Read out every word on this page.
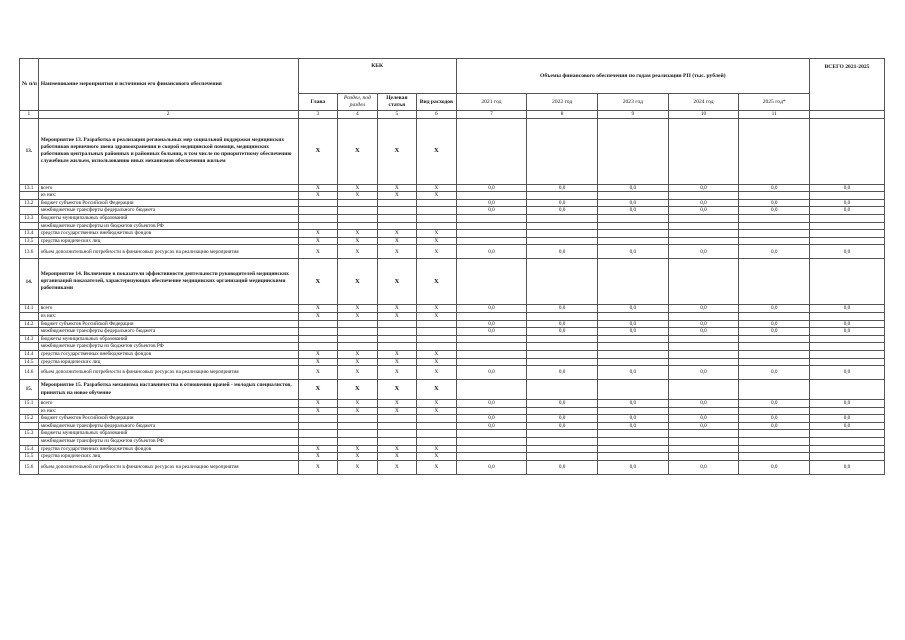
№ п/п	Наименование мероприятия и источники его финансового обеспечения	КБК				Объемы финансового обеспечения по годам реализации РП (тыс. рублей)					ВСЕГО 2021-2025
		Глава	Раздел, под раздел	Целевая статья	Вид расходов	2021 год	2022 год	2023 год	2024 год	2025 год*	
1	2	3	4	5	6	7	8	9	10	11	
13.	Мероприятие 13. Разработка и реализация региональных мер социальной поддержки медицинских работников первичного звена здравоохранения и скорой медицинской помощи, медицинских работников центральных районных и районных больниц, в том числе по приоритетному обеспечению служебным жильем, использованию иных механизмов обеспечения жильем	X	X	X	X						
13.1	всего	X	X	X	X	0,0	0,0	0,0	0,0	0,0	0,0
	из них:	X	X	X	X						
13.2	бюджет субъектов Российской Федерации					0,0	0,0	0,0	0,0	0,0	0,0
	межбюджетные трансферты федерального бюджета					0,0	0,0	0,0	0,0	0,0	0,0
13.3	бюджеты муниципальных образований										
	межбюджетные трансферты из бюджетов субъектов РФ										
13.4	средства государственных внебюджетных фондов	X	X	X	X						
13.5	средства юридических лиц	X	X	X	X						
13.6	объем дополнительной потребности в финансовых ресурсах на реализацию мероприятия	X	X	X	X	0,0	0,0	0,0	0,0	0,0	0,0
14.	Мероприятие 14. Включение в показатели эффективности деятельности руководителей медицинских организаций показателей, характеризующих обеспечение медицинских организаций медицинскими работниками	X	X	X	X						
14.1	всего	X	X	X	X	0,0	0,0	0,0	0,0	0,0	0,0
	из них:	X	X	X	X						
14.2	бюджет субъектов Российской Федерации					0,0	0,0	0,0	0,0	0,0	0,0
	межбюджетные трансферты федерального бюджета					0,0	0,0	0,0	0,0	0,0	0,0
14.3	бюджеты муниципальных образований										
	межбюджетные трансферты из бюджетов субъектов РФ										
14.4	средства государственных внебюджетных фондов	X	X	X	X						
14.5	средства юридических лиц	X	X	X	X						
14.6	объем дополнительной потребности в финансовых ресурсах на реализацию мероприятия	X	X	X	X	0,0	0,0	0,0	0,0	0,0	0,0
15.	Мероприятие 15. Разработка механизма наставничества в отношении врачей - молодых специалистов, принятых на новое обучение	X	X	X	X						
15.1	всего	X	X	X	X	0,0	0,0	0,0	0,0	0,0	0,0
	из них:	X	X	X	X						
15.2	бюджет субъектов Российской Федерации					0,0	0,0	0,0	0,0	0,0	0,0
	межбюджетные трансферты федерального бюджета					0,0	0,0	0,0	0,0	0,0	0,0
15.3	бюджеты муниципальных образований										
	межбюджетные трансферты из бюджетов субъектов РФ										
15.4	средства государственных внебюджетных фондов	X	X	X	X						
15.5	средства юридических лиц	X	X	X	X						
15.6	объем дополнительной потребности в финансовых ресурсах на реализацию мероприятия	X	X	X	X	0,0	0,0	0,0	0,0	0,0	0,0
